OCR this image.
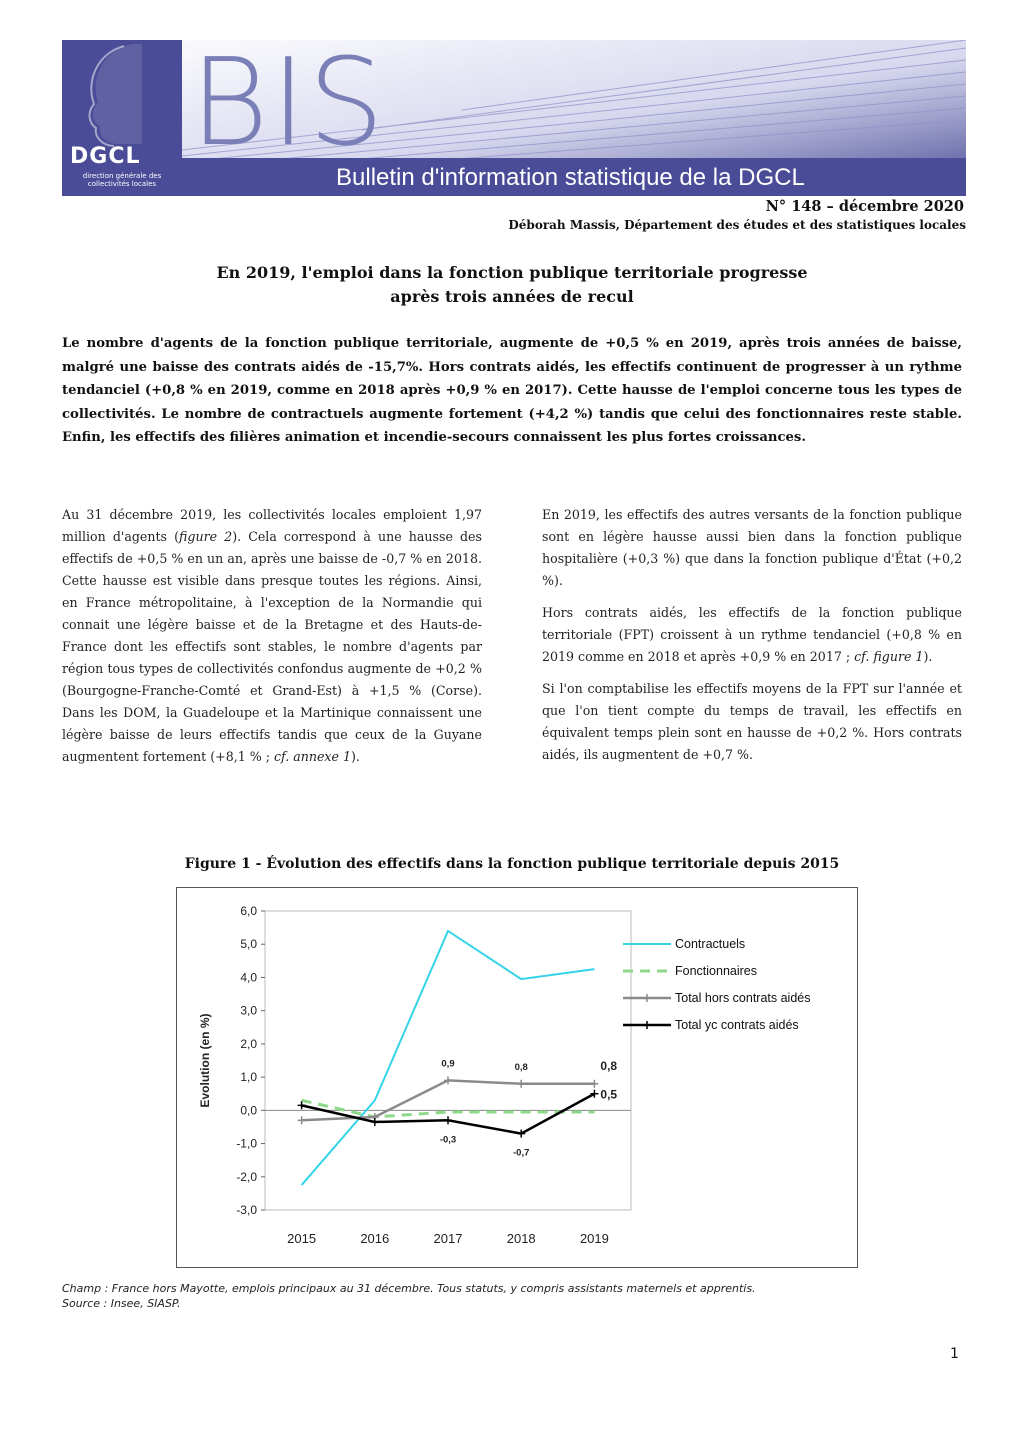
DGCL
direction générale des collectivités locales
BIS
Bulletin d'information statistique de la DGCL
N° 148 – décembre 2020
Déborah Massis, Département des études et des statistiques locales
En 2019, l'emploi dans la fonction publique territoriale progresse
après trois années de recul
Le nombre d'agents de la fonction publique territoriale, augmente de +0,5 % en 2019, après trois années de baisse, malgré une baisse des contrats aidés de -15,7%. Hors contrats aidés, les effectifs continuent de progresser à un rythme tendanciel (+0,8 % en 2019, comme en 2018 après +0,9 % en 2017). Cette hausse de l'emploi concerne tous les types de collectivités. Le nombre de contractuels augmente fortement (+4,2 %) tandis que celui des fonctionnaires reste stable. Enfin, les effectifs des filières animation et incendie-secours connaissent les plus fortes croissances.

Au 31 décembre 2019, les collectivités locales emploient 1,97 million d'agents (figure 2). Cela correspond à une hausse des effectifs de +0,5 % en un an, après une baisse de -0,7 % en 2018. Cette hausse est visible dans presque toutes les régions. Ainsi, en France métropolitaine, à l'exception de la Normandie qui connait une légère baisse et de la Bretagne et des Hauts-de-France dont les effectifs sont stables, le nombre d'agents par région tous types de collectivités confondus augmente de +0,2 % (Bourgogne-Franche-Comté et Grand-Est) à +1,5 % (Corse). Dans les DOM, la Guadeloupe et la Martinique connaissent une légère baisse de leurs effectifs tandis que ceux de la Guyane augmentent fortement (+8,1 % ; cf. annexe 1).

En 2019, les effectifs des autres versants de la fonction publique sont en légère hausse aussi bien dans la fonction publique hospitalière (+0,3 %) que dans la fonction publique d'État (+0,2 %).

Hors contrats aidés, les effectifs de la fonction publique territoriale (FPT) croissent à un rythme tendanciel (+0,8 % en 2019 comme en 2018 et après +0,9 % en 2017 ; cf. figure 1).

Si l'on comptabilise les effectifs moyens de la FPT sur l'année et que l'on tient compte du temps de travail, les effectifs en équivalent temps plein sont en hausse de +0,2 %. Hors contrats aidés, ils augmentent de +0,7 %.

Figure 1 - Évolution des effectifs dans la fonction publique territoriale depuis 2015
6,0
5,0
4,0
3,0
2,0
1,0
0,0
-1,0
-2,0
-3,0
2015	2016	2017	2018	2019
Evolution (en %)	0,9	0,8	0,8
-0,3
-0,7
0,5
Contractuels
Fonctionnaires
Total hors contrats aidés
Total yc contrats aidés
Champ : France hors Mayotte, emplois principaux au 31 décembre. Tous statuts, y compris assistants maternels et apprentis.
Source : Insee, SIASP.
1
